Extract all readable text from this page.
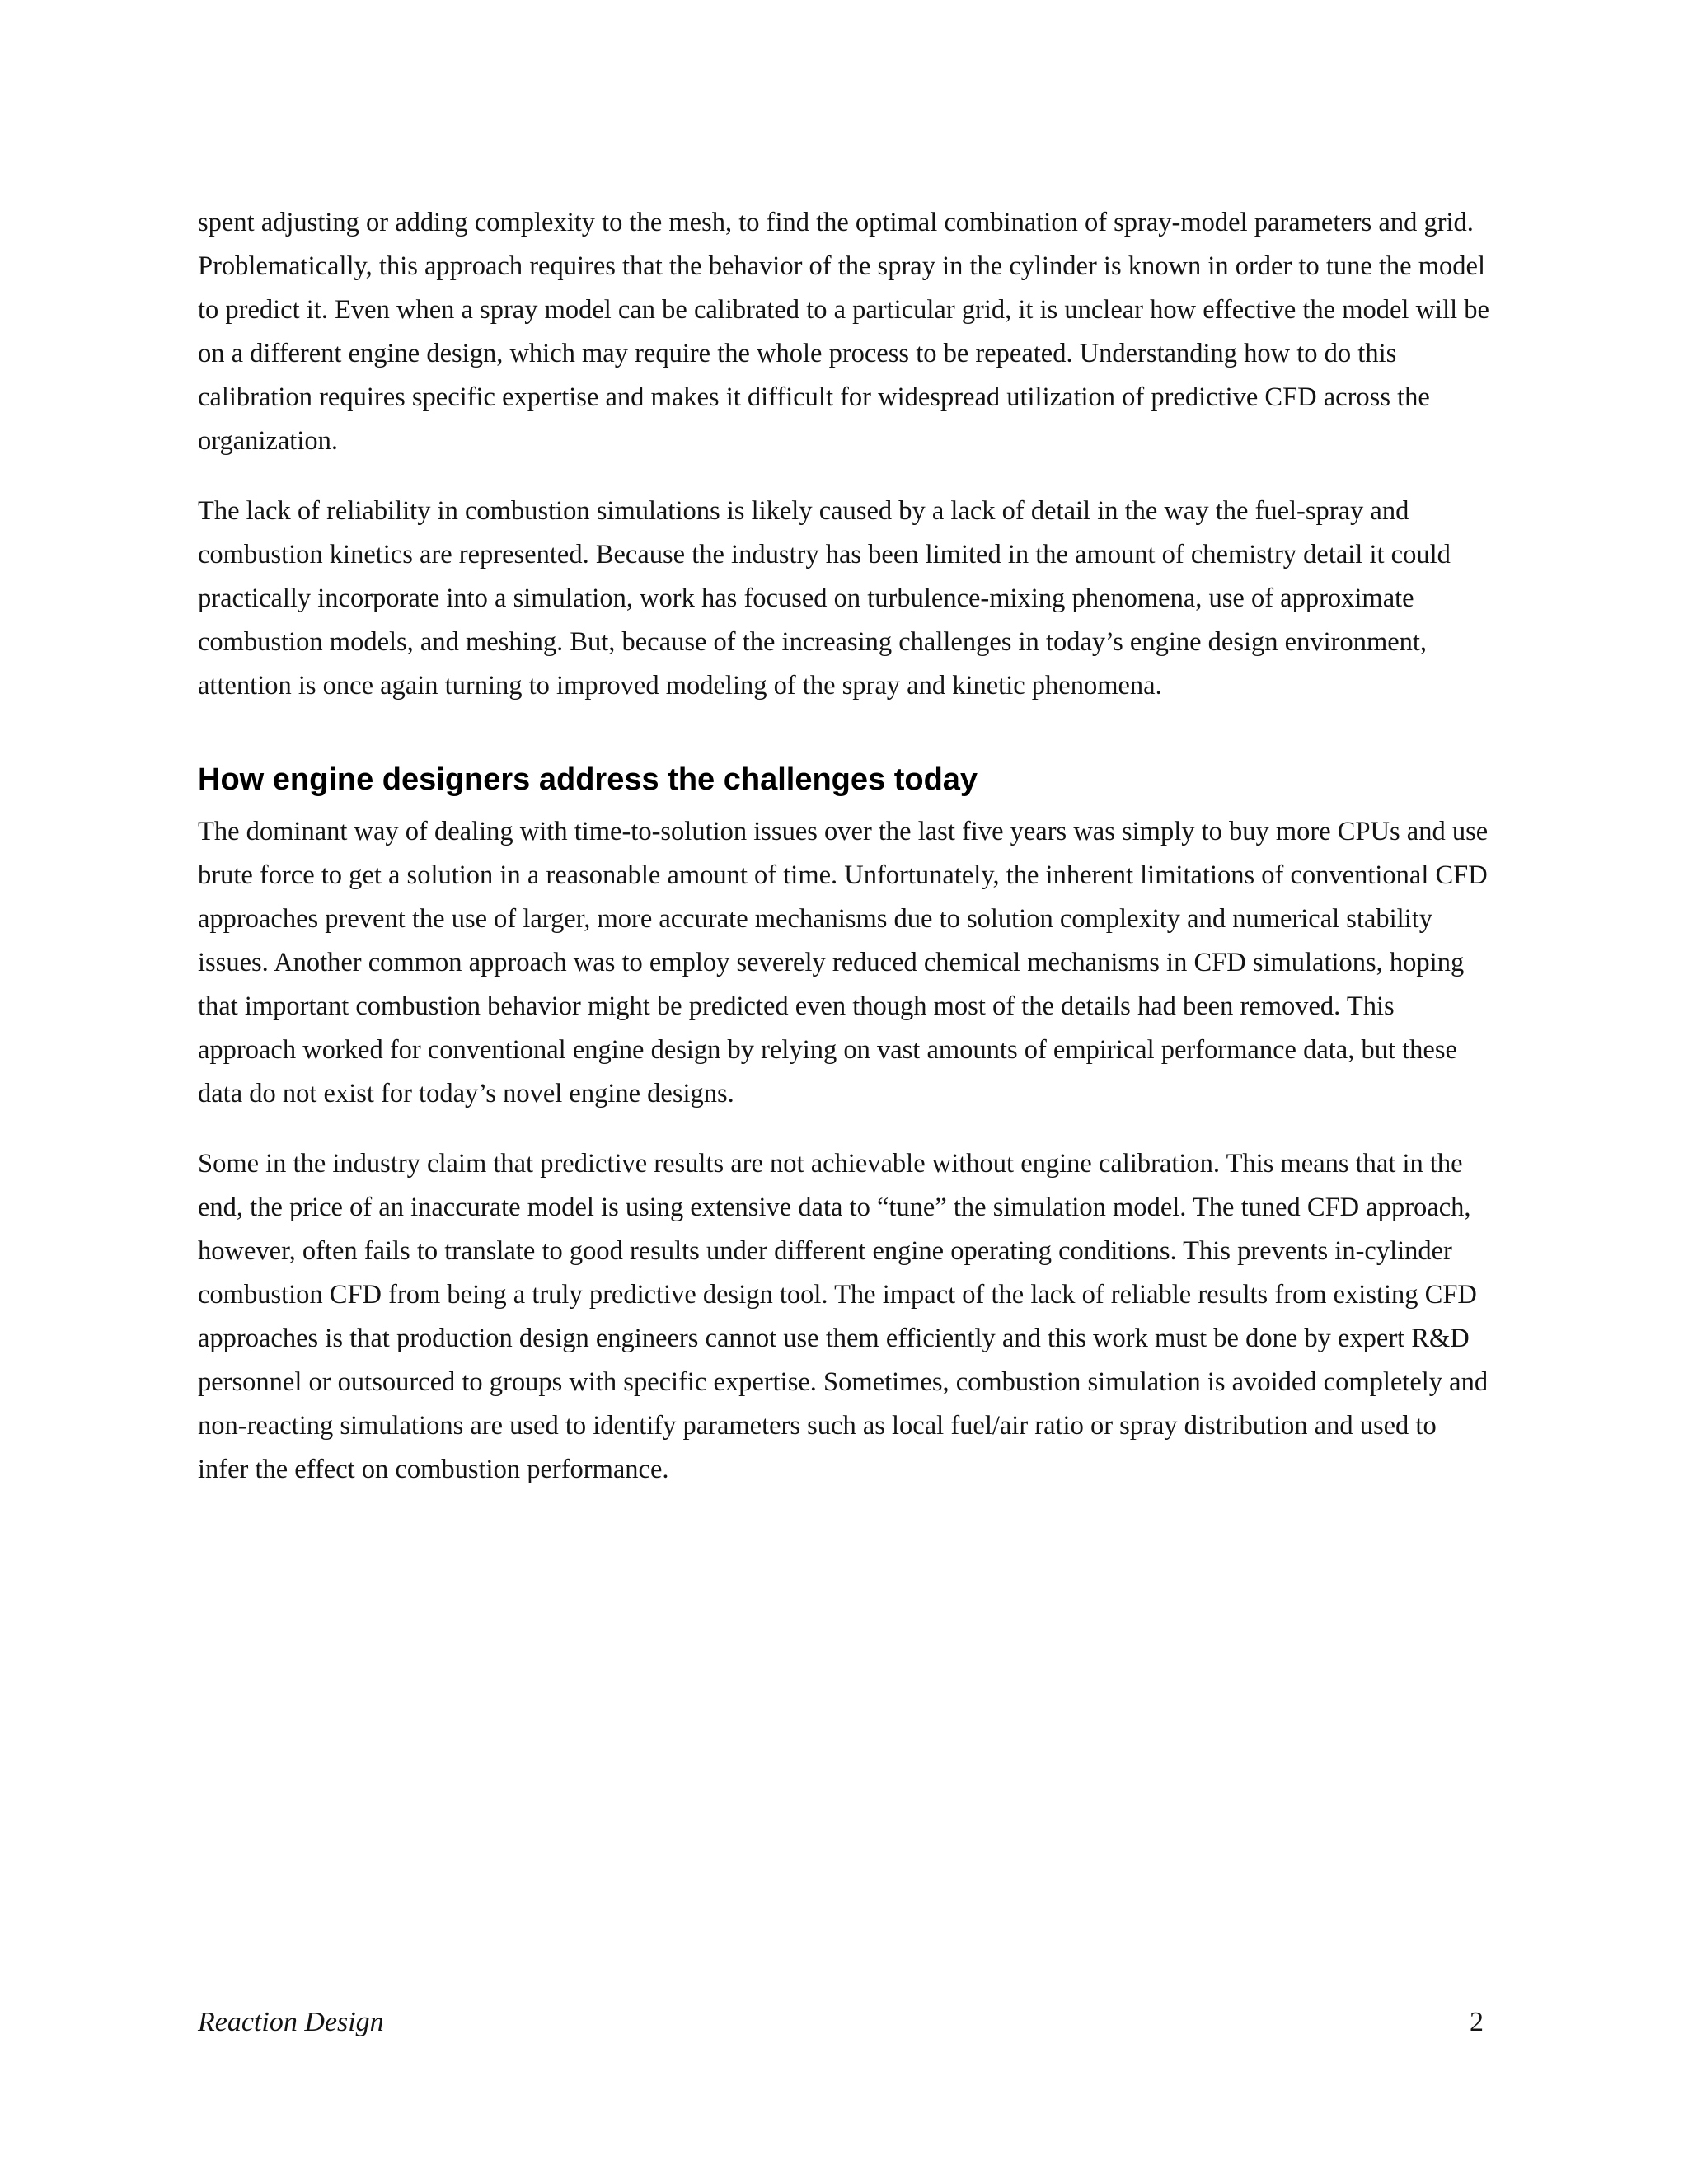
spent adjusting or adding complexity to the mesh, to find the optimal combination of spray-model parameters and grid. Problematically, this approach requires that the behavior of the spray in the cylinder is known in order to tune the model to predict it. Even when a spray model can be calibrated to a particular grid, it is unclear how effective the model will be on a different engine design, which may require the whole process to be repeated. Understanding how to do this calibration requires specific expertise and makes it difficult for widespread utilization of predictive CFD across the organization.

The lack of reliability in combustion simulations is likely caused by a lack of detail in the way the fuel-spray and combustion kinetics are represented. Because the industry has been limited in the amount of chemistry detail it could practically incorporate into a simulation, work has focused on turbulence-mixing phenomena, use of approximate combustion models, and meshing. But, because of the increasing challenges in today’s engine design environment, attention is once again turning to improved modeling of the spray and kinetic phenomena.

How engine designers address the challenges today

The dominant way of dealing with time-to-solution issues over the last five years was simply to buy more CPUs and use brute force to get a solution in a reasonable amount of time. Unfortunately, the inherent limitations of conventional CFD approaches prevent the use of larger, more accurate mechanisms due to solution complexity and numerical stability issues. Another common approach was to employ severely reduced chemical mechanisms in CFD simulations, hoping that important combustion behavior might be predicted even though most of the details had been removed. This approach worked for conventional engine design by relying on vast amounts of empirical performance data, but these data do not exist for today’s novel engine designs.

Some in the industry claim that predictive results are not achievable without engine calibration. This means that in the end, the price of an inaccurate model is using extensive data to “tune” the simulation model. The tuned CFD approach, however, often fails to translate to good results under different engine operating conditions. This prevents in-cylinder combustion CFD from being a truly predictive design tool. The impact of the lack of reliable results from existing CFD approaches is that production design engineers cannot use them efficiently and this work must be done by expert R&D personnel or outsourced to groups with specific expertise. Sometimes, combustion simulation is avoided completely and non-reacting simulations are used to identify parameters such as local fuel/air ratio or spray distribution and used to infer the effect on combustion performance.

Reaction Design	2
